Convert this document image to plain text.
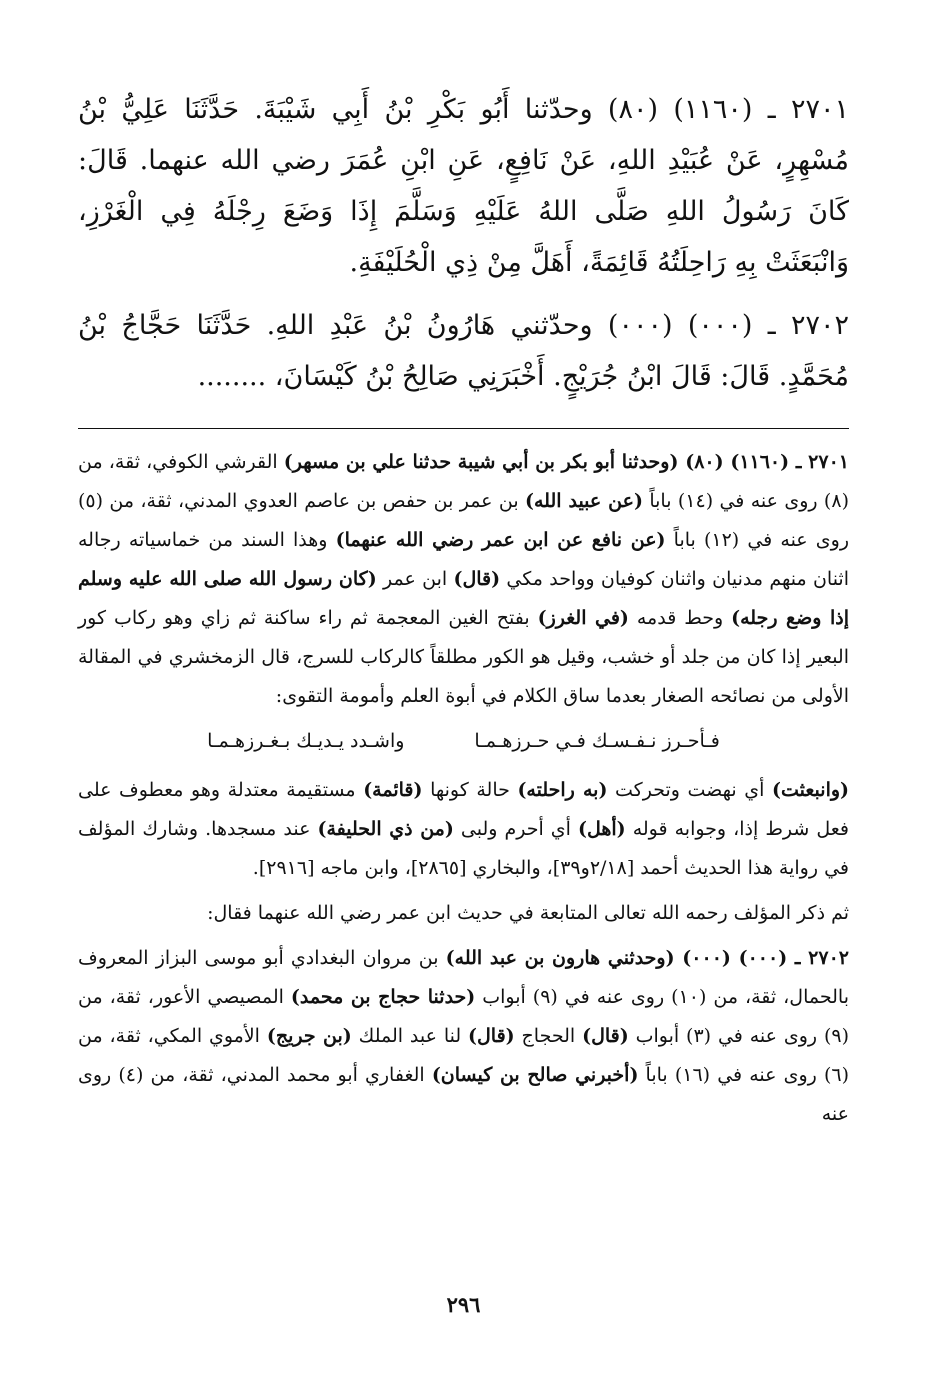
٢٧٠١ ـ (١١٦٠) (٨٠) وحدّثنا أَبُو بَكْرِ بْنُ أَبِي شَيْبَةَ. حَدَّثَنَا عَلِيُّ بْنُ مُسْهِرٍ، عَنْ عُبَيْدِ اللهِ، عَنْ نَافِعٍ، عَنِ ابْنِ عُمَرَ رضي الله عنهما. قَالَ: كَانَ رَسُولُ اللهِ صَلَّى اللهُ عَلَيْهِ وَسَلَّمَ إِذَا وَضَعَ رِجْلَهُ فِي الْغَرْزِ، وَانْبَعَثَتْ بِهِ رَاحِلَتُهُ قَائِمَةً، أَهَلَّ مِنْ ذِي الْحُلَيْفَةِ.

٢٧٠٢ ـ (٠٠٠) (٠٠٠) وحدّثني هَارُونُ بْنُ عَبْدِ اللهِ. حَدَّثَنَا حَجَّاجُ بْنُ مُحَمَّدٍ. قَالَ: قَالَ ابْنُ جُرَيْجٍ. أَخْبَرَنِي صَالِحُ بْنُ كَيْسَانَ، ........

٢٧٠١ ـ (١١٦٠) (٨٠) (وحدثنا أبو بكر بن أبي شيبة حدثنا علي بن مسهر) القرشي الكوفي، ثقة، من (٨) روى عنه في (١٤) باباً (عن عبيد الله) بن عمر بن حفص بن عاصم العدوي المدني، ثقة، من (٥) روى عنه في (١٢) باباً (عن نافع عن ابن عمر رضي الله عنهما) وهذا السند من خماسياته رجاله اثنان منهم مدنيان واثنان كوفيان وواحد مكي (قال) ابن عمر (كان رسول الله صلى الله عليه وسلم إذا وضع رجله) وحط قدمه (في الغرز) بفتح الغين المعجمة ثم راء ساكنة ثم زاي وهو ركاب كور البعير إذا كان من جلد أو خشب، وقيل هو الكور مطلقاً كالركاب للسرج، قال الزمخشري في المقالة الأولى من نصائحه الصغار بعدما ساق الكلام في أبوة العلم وأمومة التقوى:

فـأحـرز نـفـسـك فـي حـرزهـمـا
واشـدد يـديـك بـغـرزهـمـا

(وانبعثت) أي نهضت وتحركت (به راحلته) حالة كونها (قائمة) مستقيمة معتدلة وهو معطوف على فعل شرط إذا، وجوابه قوله (أهل) أي أحرم ولبى (من ذي الحليفة) عند مسجدها. وشارك المؤلف في رواية هذا الحديث أحمد [٢/١٨و٣٩]، والبخاري [٢٨٦٥]، وابن ماجه [٢٩١٦].

ثم ذكر المؤلف رحمه الله تعالى المتابعة في حديث ابن عمر رضي الله عنهما فقال:

٢٧٠٢ ـ (٠٠٠) (٠٠٠) (وحدثني هارون بن عبد الله) بن مروان البغدادي أبو موسى البزاز المعروف بالحمال، ثقة، من (١٠) روى عنه في (٩) أبواب (حدثنا حجاج بن محمد) المصيصي الأعور، ثقة، من (٩) روى عنه في (٣) أبواب (قال) الحجاج (قال) لنا عبد الملك (بن جريج) الأموي المكي، ثقة، من (٦) روى عنه في (١٦) باباً (أخبرني صالح بن كيسان) الغفاري أبو محمد المدني، ثقة، من (٤) روى عنه

٢٩٦
